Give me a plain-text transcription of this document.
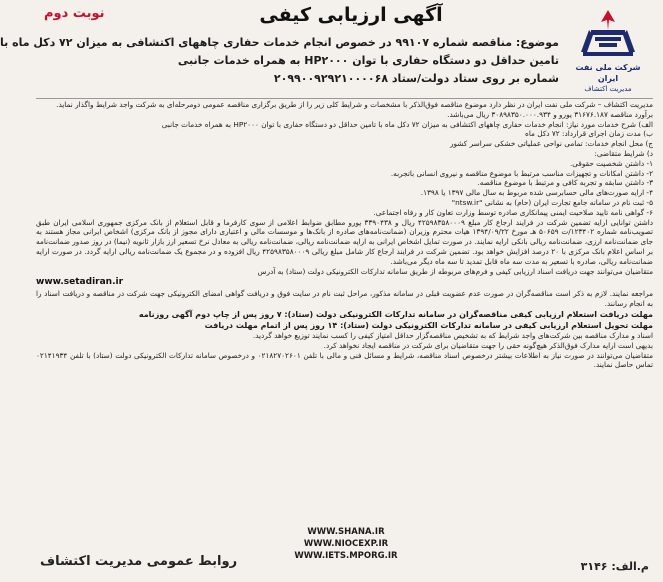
نوبت دوم	آگهی ارزیابی کیفی
شرکت ملی نفت ایران
مدیریت اکتشاف
موضوع: مناقصه شماره ۹۹۱۰۷ در خصوص انجام خدمات حفاری چاههای اکتشافی به میزان ۷۲ دکل ماه با
تامین حداقل دو دستگاه حفاری با توان HP۲۰۰۰ به همراه خدمات جانبی
شماره بر روی ستاد دولت/ستاد ۲۰۹۹۰۰۹۲۹۲۱۰۰۰۰۶۸

مدیریت اکتشاف – شرکت ملی نفت ایران در نظر دارد موضوع مناقصه فوق‌الذکر با مشخصات و شرایط کلی زیر را از طریق برگزاری مناقصه عمومی دومرحله‌ای به شرکت واجد شرایط واگذار نماید.

برآورد مناقصه ۳۱۶۷۶.۱۸۷ یورو و ۳۰۸۹۸۳۵۰.۰۰۰.۹۳۴ ریال می‌باشد.

الف) شرح خدمات مورد نیاز: انجام خدمات حفاری چاههای اکتشافی به میزان ۷۲ دکل ماه با تامین حداقل دو دستگاه حفاری با توان HP۲۰۰۰ به همراه خدمات جانبی

ب) مدت زمان اجرای قرارداد: ۷۲ دکل ماه

ج) محل انجام خدمات: تمامی نواحی عملیاتی خشکی سراسر کشور

د) شرایط متقاضی:

۱- داشتن شخصیت حقوقی.

۲- داشتن امکانات و تجهیزات مناسب مرتبط با موضوع مناقصه و نیروی انسانی باتجربه.

۳- داشتن سابقه و تجربه کافی و مرتبط با موضوع مناقصه.

۴- ارایه صورت‌های مالی حسابرسی شده مربوط به سال مالی ۱۳۹۷ یا ۱۳۹۸.

۵- ثبت نام در سامانه جامع تجارت ایران (حام) به نشانی "ntsw.ir"

۶- گواهی نامه تایید صلاحیت ایمنی پیمانکاری صادره توسط وزارت تعاون کار و رفاه اجتماعی.

داشتن توانایی ارایه تضمین شرکت در فرایند ارجاع کار مبلغ ۴۲۵۹۸۳۵۸۰۰۰۹ ریال و ۳۳۹۰۴۳۸ یورو مطابق ضوابط اعلامی از سوی کارفرما و قابل استعلام از بانک مرکزی جمهوری اسلامی ایران طبق تصویب‌نامه شماره ۱۲۳۴۰۲/ت ۵۰۶۵۹ هـ مورخ ۱۳۹۴/۰۹/۲۲ هیات محترم وزیران (ضمانت‌نامه‌های صادره از بانک‌ها و موسسات مالی و اعتباری دارای مجوز از بانک مرکزی) اشخاص ایرانی مجاز هستند به جای ضمانت‌نامه ارزی، ضمانت‌نامه ریالی بانکی ارایه نمایند. در صورت تمایل اشخاص ایرانی به ارایه ضمانت‌نامه ریالی، ضمانت‌نامه ریالی به معادل نرخ تسعیر ارز بازار ثانویه (نیما) در روز صدور ضمانت‌نامه بر اساس اعلام بانک مرکزی با ۲۰ درصد افزایش خواهد بود. تضمین شرکت در فرایند ارجاع کار شامل مبلغ ریالی ۴۲۵۹۸۳۵۸۰۰۰۹ ریال افزوده و در مجموع یک ضمانت‌نامه ریالی ارایه گردد. در صورت ارایه ضمانت‌نامه ریالی، صادره با تسعیر به مدت سه ماه قابل تمدید تا سه ماه دیگر می‌باشد.

متقاضیان می‌توانند جهت دریافت اسناد ارزیابی کیفی و فرم‌های مربوطه از طریق سامانه تدارکات الکترونیکی دولت (ستاد) به آدرس

www.setadiran.ir

مراجعه نمایند. لازم به ذکر است مناقصه‌گران در صورت عدم عضویت قبلی در سامانه مذکور، مراحل ثبت نام در سایت فوق و دریافت گواهی امضای الکترونیکی جهت شرکت در مناقصه و دریافت اسناد را به انجام رسانند.

مهلت دریافت استعلام ارزیابی کیفی مناقصه‌گران در سامانه تدارکات الکترونیکی دولت (ستاد): ۷ روز پس از چاپ دوم آگهی روزنامه

مهلت تحویل استعلام ارزیابی کیفی در سامانه تدارکات الکترونیکی دولت (ستاد): ۱۴ روز پس از اتمام مهلت دریافت

اسناد و مدارک مناقصه بین شرکت‌های واجد شرایط که به تشخیص مناقصه‌گزار حداقل امتیاز کیفی را کسب نمایند توزیع خواهد گردید.

بدیهی است ارایه مدارک فوق‌الذکر هیچ‌گونه حقی را جهت متقاضیان برای شرکت در مناقصه ایجاد نخواهد کرد.

متقاضیان می‌توانند در صورت نیاز به اطلاعات بیشتر درخصوص اسناد مناقصه، شرایط و مسائل فنی و مالی با تلفن ۰۲۱۸۲۷۰۲۶۰۱ و درخصوص سامانه تدارکات الکترونیکی دولت (ستاد) با تلفن ۰۲۱۴۱۹۳۴ تماس حاصل نمایند.

WWW.SHANA.IR
WWW.NIOCEXP.IR
WWW.IETS.MPORG.IR
روابط عمومی مدیریت اکتشاف	م.الف: ۳۱۴۶
